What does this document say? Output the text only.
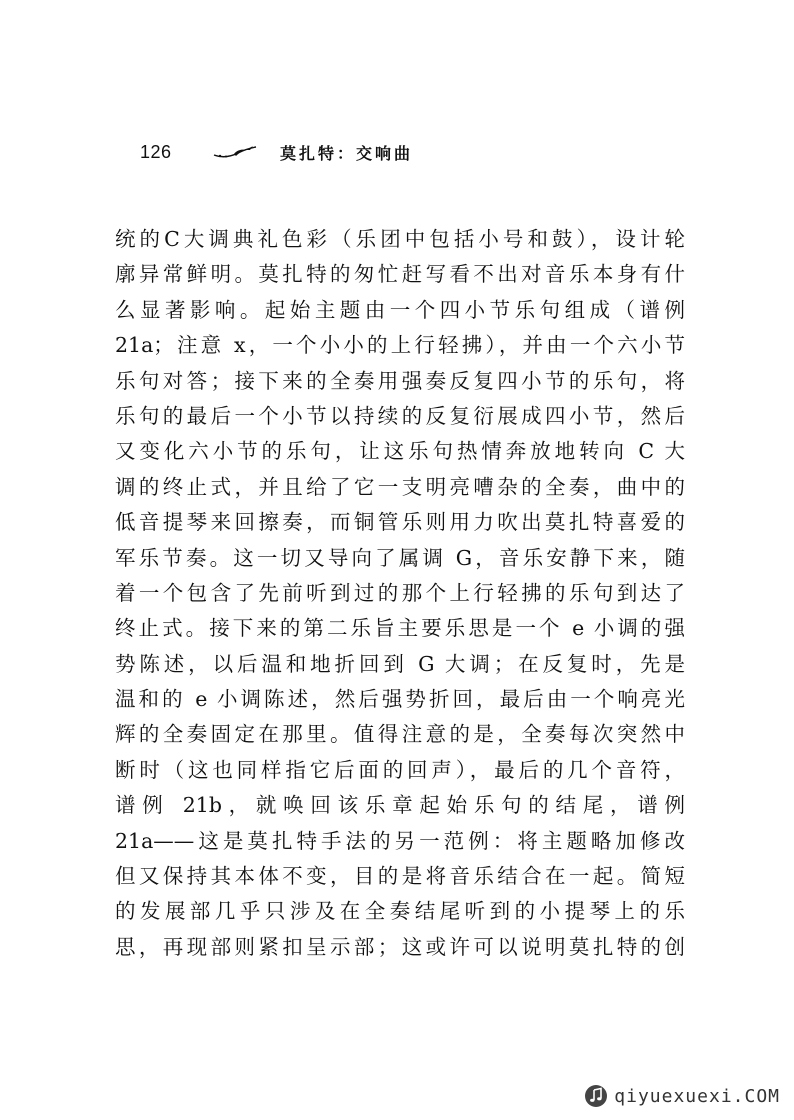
126	莫扎特：交响曲
统的C大调典礼色彩（乐团中包括小号和鼓），设计轮
廓异常鲜明。莫扎特的匆忙赶写看不出对音乐本身有什
么显著影响。起始主题由一个四小节乐句组成（谱例
21a；注意 x，一个小小的上行轻拂），并由一个六小节
乐句对答；接下来的全奏用强奏反复四小节的乐句，将
乐句的最后一个小节以持续的反复衍展成四小节，然后
又变化六小节的乐句，让这乐句热情奔放地转向 C 大
调的终止式，并且给了它一支明亮嘈杂的全奏，曲中的
低音提琴来回擦奏，而铜管乐则用力吹出莫扎特喜爱的
军乐节奏。这一切又导向了属调 G，音乐安静下来，随
着一个包含了先前听到过的那个上行轻拂的乐句到达了
终止式。接下来的第二乐旨主要乐思是一个 e 小调的强
势陈述，以后温和地折回到 G 大调；在反复时，先是
温和的 e 小调陈述，然后强势折回，最后由一个响亮光
辉的全奏固定在那里。值得注意的是，全奏每次突然中
断时（这也同样指它后面的回声），最后的几个音符，
谱例 21b，就唤回该乐章起始乐句的结尾，谱例
21a——这是莫扎特手法的另一范例：将主题略加修改
但又保持其本体不变，目的是将音乐结合在一起。简短
的发展部几乎只涉及在全奏结尾听到的小提琴上的乐
思，再现部则紧扣呈示部；这或许可以说明莫扎特的创
qiyuexuexi.COM
